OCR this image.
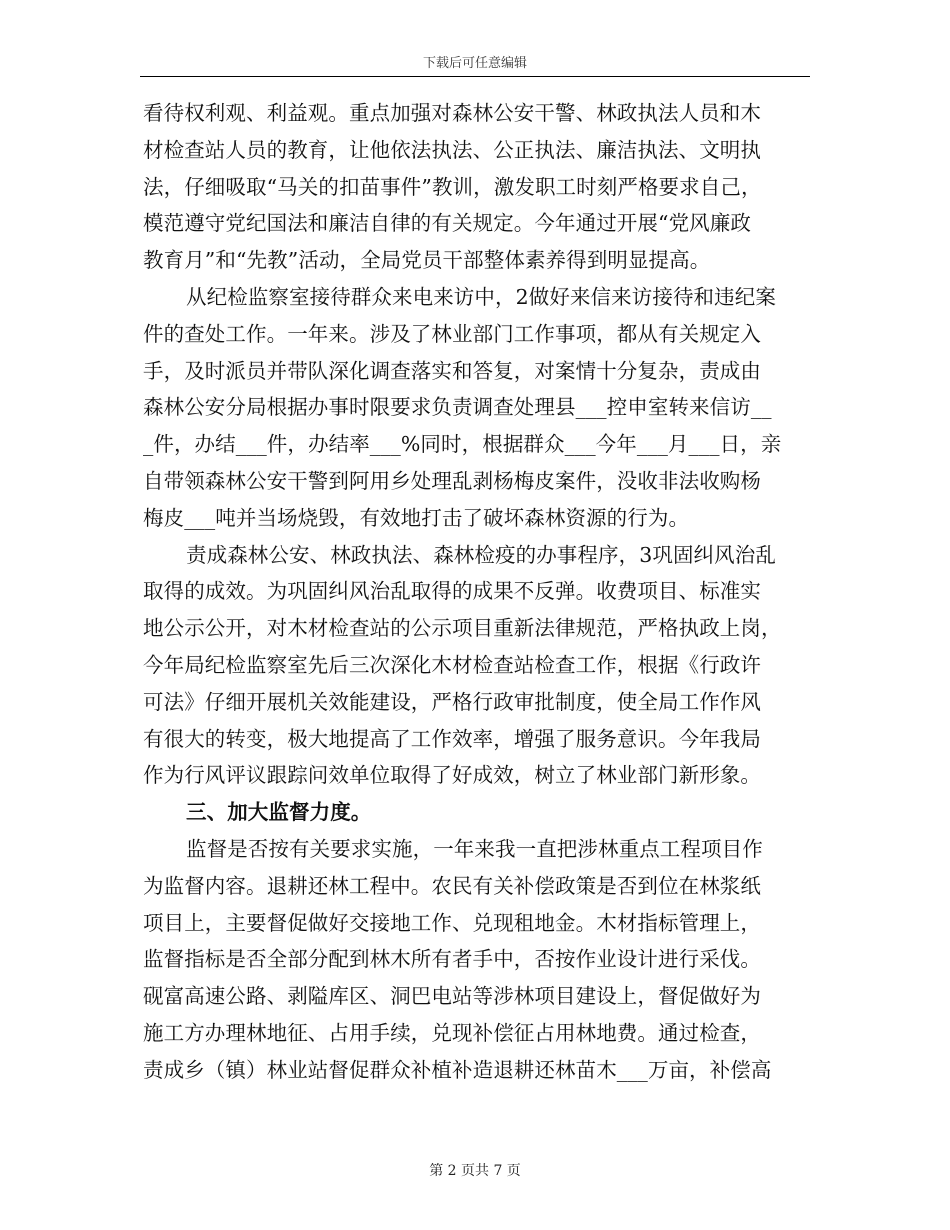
下载后可任意编辑
看待权利观、利益观。重点加强对森林公安干警、林政执法人员和木
材检查站人员的教育，让他依法执法、公正执法、廉洁执法、文明执
法，仔细吸取“马关的扣苗事件”教训，激发职工时刻严格要求自己，
模范遵守党纪国法和廉洁自律的有关规定。今年通过开展“党风廉政
教育月”和“先教”活动，全局党员干部整体素养得到明显提高。
从纪检监察室接待群众来电来访中，2做好来信来访接待和违纪案
件的查处工作。一年来。涉及了林业部门工作事项，都从有关规定入
手，及时派员并带队深化调查落实和答复，对案情十分复杂，责成由
森林公安分局根据办事时限要求负责调查处理县___控申室转来信访__
_件，办结___件，办结率___%同时，根据群众___今年___月___日，亲
自带领森林公安干警到阿用乡处理乱剥杨梅皮案件，没收非法收购杨
梅皮___吨并当场烧毁，有效地打击了破坏森林资源的行为。
责成森林公安、林政执法、森林检疫的办事程序，3巩固纠风治乱
取得的成效。为巩固纠风治乱取得的成果不反弹。收费项目、标准实
地公示公开，对木材检查站的公示项目重新法律规范，严格执政上岗，
今年局纪检监察室先后三次深化木材检查站检查工作，根据《行政许
可法》仔细开展机关效能建设，严格行政审批制度，使全局工作作风
有很大的转变，极大地提高了工作效率，增强了服务意识。今年我局
作为行风评议跟踪问效单位取得了好成效，树立了林业部门新形象。
三、加大监督力度。
监督是否按有关要求实施，一年来我一直把涉林重点工程项目作
为监督内容。退耕还林工程中。农民有关补偿政策是否到位在林浆纸
项目上，主要督促做好交接地工作、兑现租地金。木材指标管理上，
监督指标是否全部分配到林木所有者手中，否按作业设计进行采伐。
砚富高速公路、剥隘库区、洞巴电站等涉林项目建设上，督促做好为
施工方办理林地征、占用手续，兑现补偿征占用林地费。通过检查，
责成乡（镇）林业站督促群众补植补造退耕还林苗木___万亩，补偿高
第 2 页共 7 页
